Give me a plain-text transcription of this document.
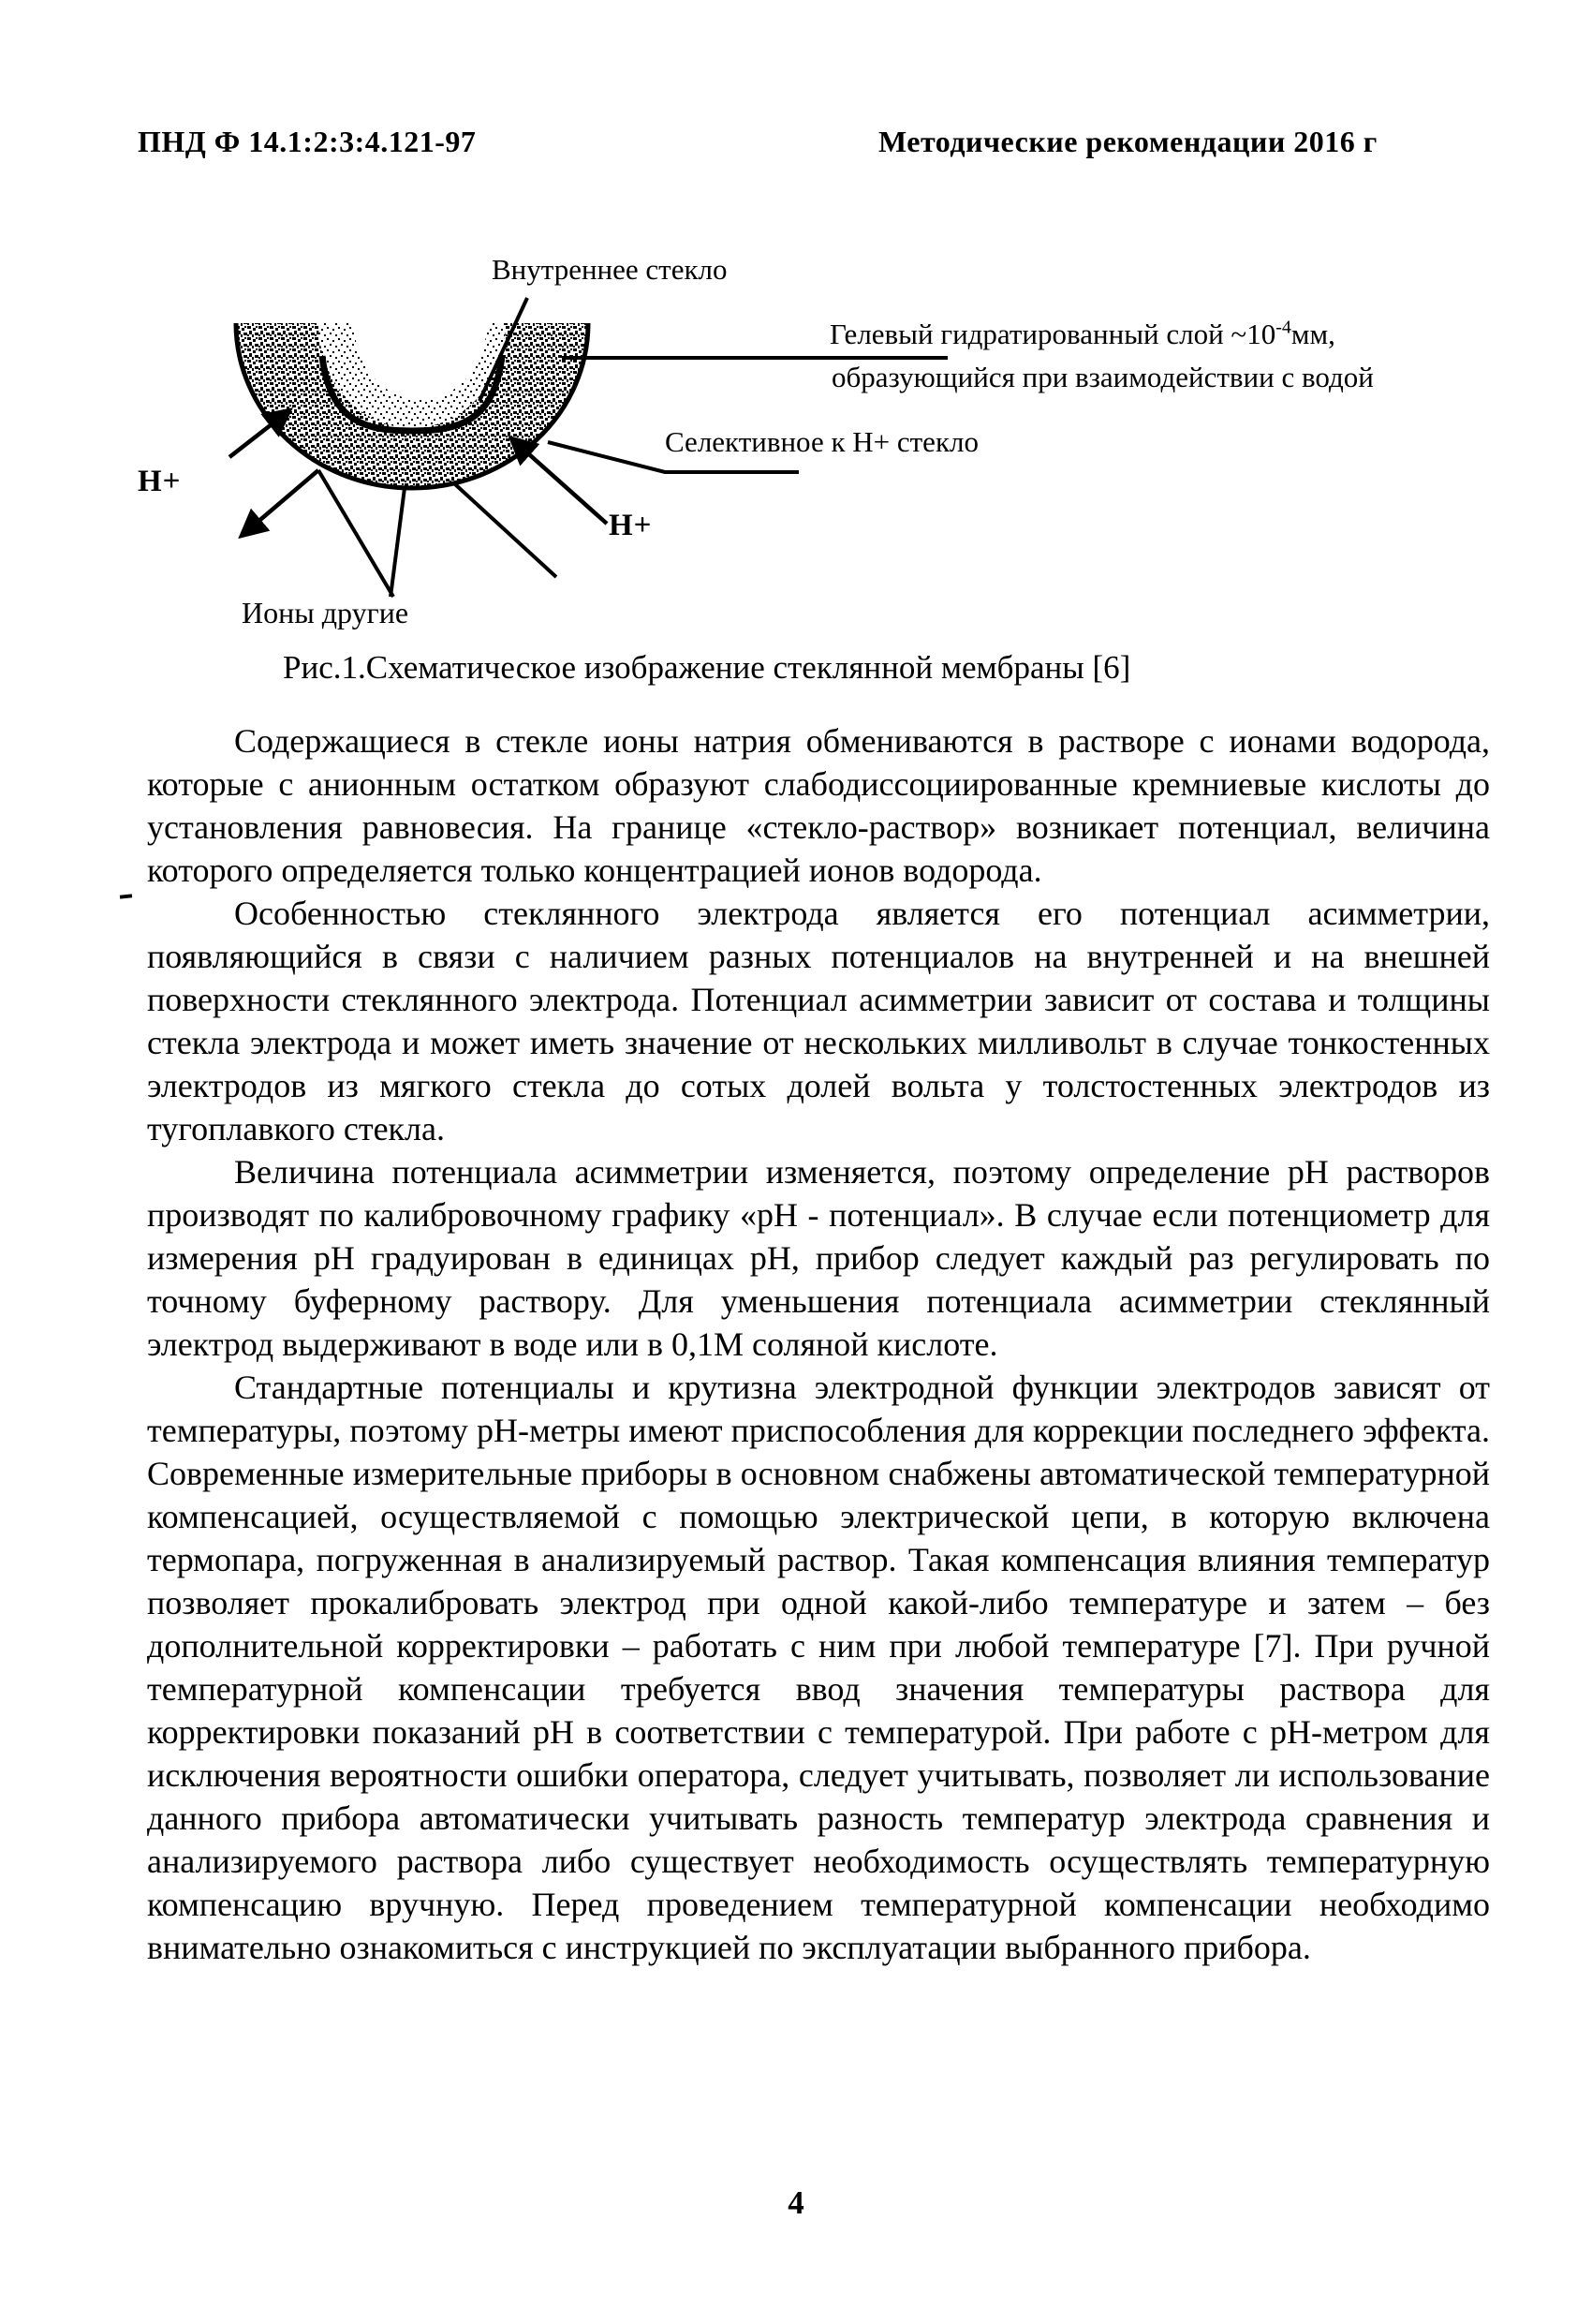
ПНД Ф 14.1:2:3:4.121-97	Методические рекомендации 2016 г
Внутреннее стекло
Гелевый гидратированный слой $\sim 10^{-4}мм$,
образующийся при взаимодействии с водой
Селективное к Н+ стекло
Н+
Н+
Ионы другие
Рис.1.Схематическое изображение стеклянной мембраны [6]

Содержащиеся в стекле ионы натрия обмениваются в растворе с ионами водорода, которые с анионным остатком образуют слабодиссоциированные кремниевые кислоты до установления равновесия. На границе «стекло-раствор» возникает потенциал, величина которого определяется только концентрацией ионов водорода.

Особенностью стеклянного электрода является его потенциал асимметрии, появляющийся в связи с наличием разных потенциалов на внутренней и на внешней поверхности стеклянного электрода. Потенциал асимметрии зависит от состава и толщины стекла электрода и может иметь значение от нескольких милливольт в случае тонкостенных электродов из мягкого стекла до сотых долей вольта у толстостенных электродов из тугоплавкого стекла.

Величина потенциала асимметрии изменяется, поэтому определение рН растворов производят по калибровочному графику «рН - потенциал». В случае если потенциометр для измерения рН градуирован в единицах рН, прибор следует каждый раз регулировать по точному буферному раствору. Для уменьшения потенциала асимметрии стеклянный электрод выдерживают в воде или в 0,1М соляной кислоте.

Стандартные потенциалы и крутизна электродной функции электродов зависят от температуры, поэтому рН-метры имеют приспособления для коррекции последнего эффекта. Современные измерительные приборы в основном снабжены автоматической температурной компенсацией, осуществляемой с помощью электрической цепи, в которую включена термопара, погруженная в анализируемый раствор. Такая компенсация влияния температур позволяет прокалибровать электрод при одной какой-либо температуре и затем – без дополнительной корректировки – работать с ним при любой температуре [7]. При ручной температурной компенсации требуется ввод значения температуры раствора для корректировки показаний рН в соответствии с температурой. При работе с рН-метром для исключения вероятности ошибки оператора, следует учитывать, позволяет ли использование данного прибора автоматически учитывать разность температур электрода сравнения и анализируемого раствора либо существует необходимость осуществлять температурную компенсацию вручную. Перед проведением температурной компенсации необходимо внимательно ознакомиться с инструкцией по эксплуатации выбранного прибора.

4
